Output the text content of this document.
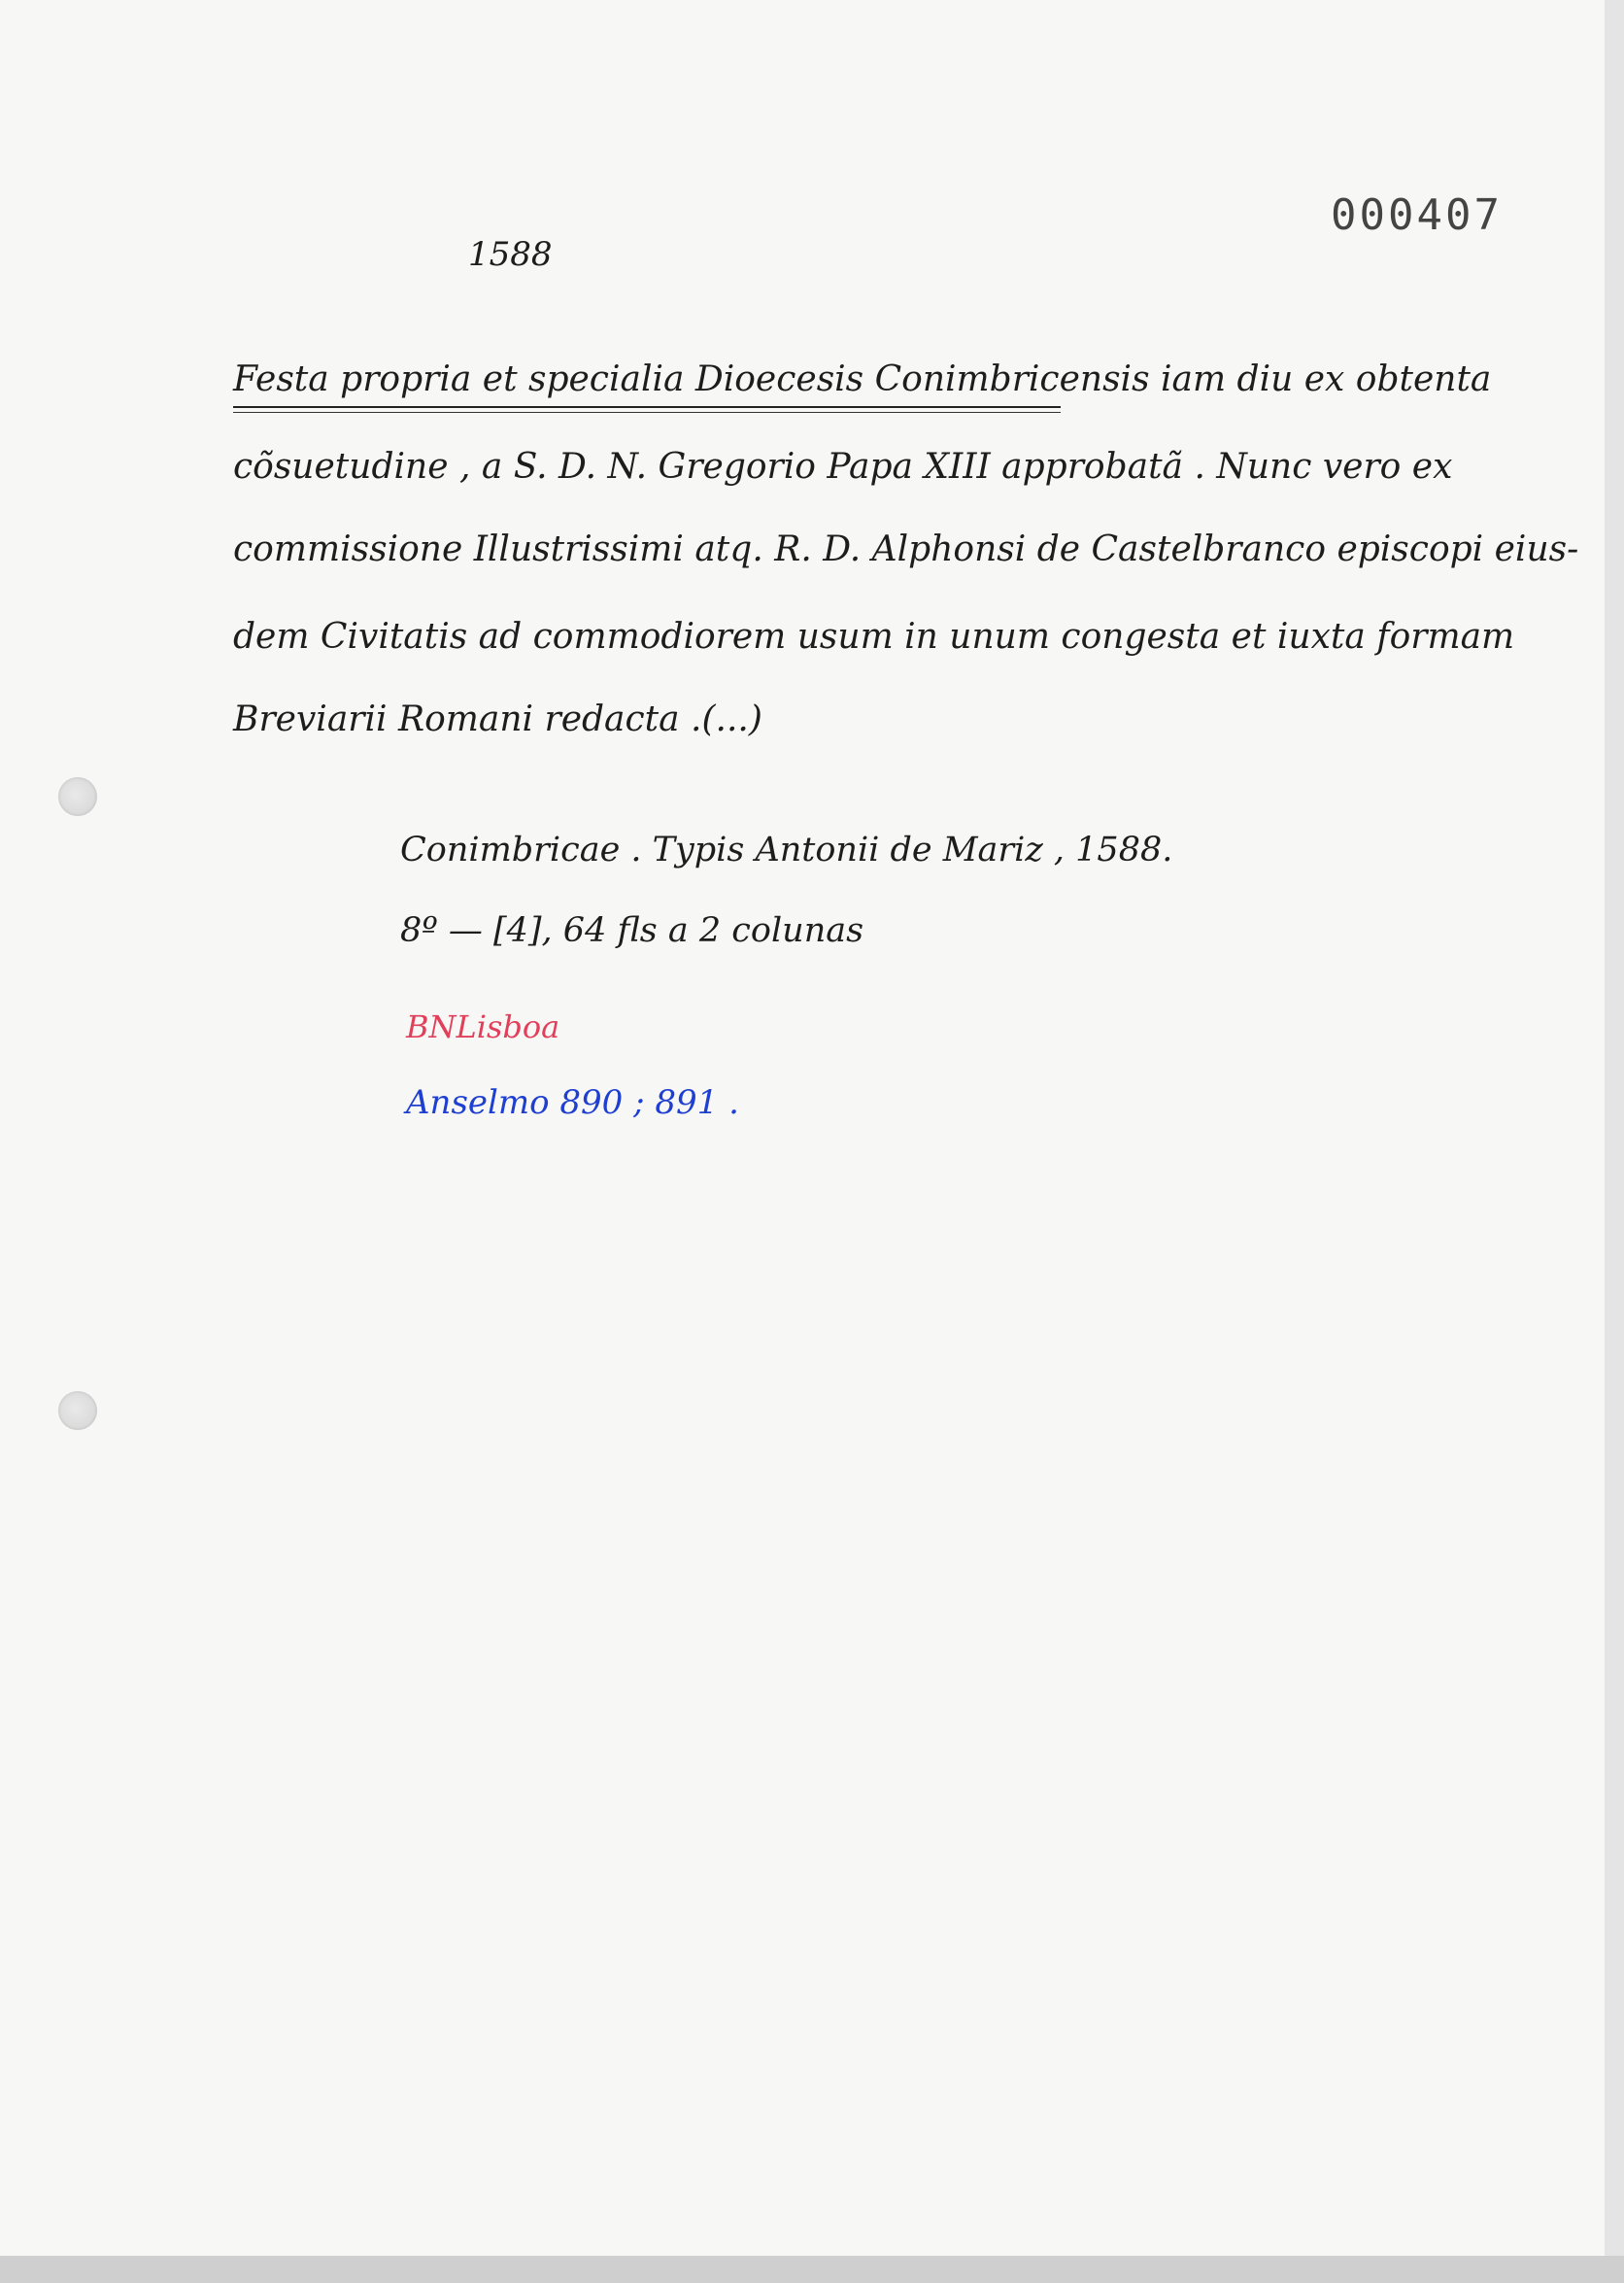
000407

1588

Festa propria et specialia Dioecesis Conimbricensis iam diu ex obtenta

cõsuetudine , a S. D. N. Gregorio Papa XIII approbatã . Nunc vero ex

commissione Illustrissimi atq. R. D. Alphonsi de Castelbranco episcopi eius-

dem Civitatis ad commodiorem usum in unum congesta et iuxta formam

Breviarii Romani redacta .(...)

Conimbricae . Typis Antonii de Mariz , 1588.

8º — [4], 64 fls a 2 colunas

BNLisboa

Anselmo 890 ; 891 .
